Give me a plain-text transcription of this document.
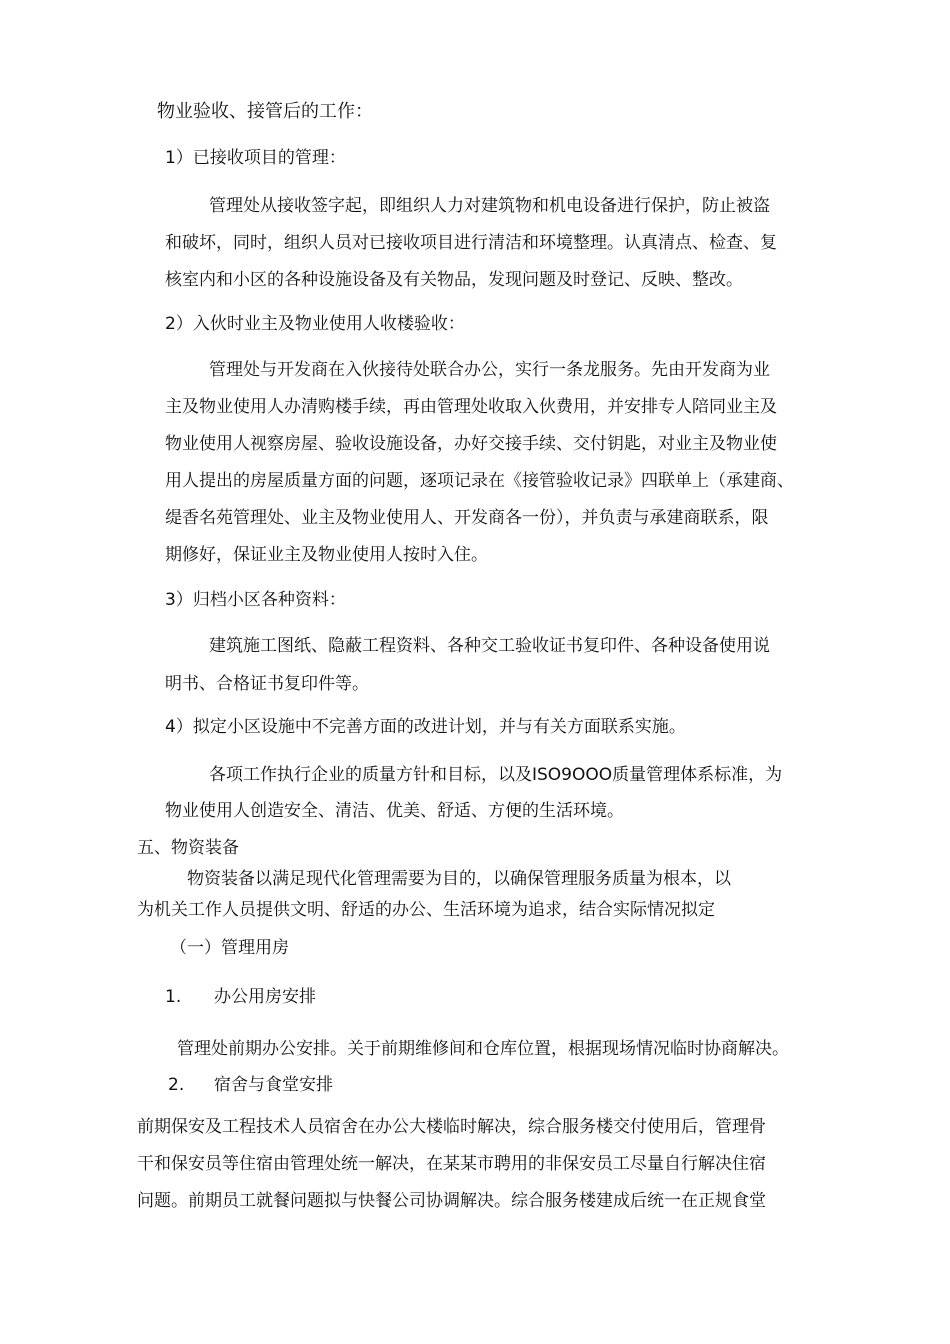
物业验收、接管后的工作：
1）已接收项目的管理：
管理处从接收签字起，即组织人力对建筑物和机电设备进行保护，防止被盗
和破坏，同时，组织人员对已接收项目进行清洁和环境整理。认真清点、检查、复
核室内和小区的各种设施设备及有关物品，发现问题及时登记、反映、整改。
2）入伙时业主及物业使用人收楼验收：
管理处与开发商在入伙接待处联合办公，实行一条龙服务。先由开发商为业
主及物业使用人办清购楼手续，再由管理处收取入伙费用，并安排专人陪同业主及
物业使用人视察房屋、验收设施设备，办好交接手续、交付钥匙，对业主及物业使
用人提出的房屋质量方面的问题，逐项记录在《接管验收记录》四联单上（承建商、
缇香名苑管理处、业主及物业使用人、开发商各一份），并负责与承建商联系，限
期修好，保证业主及物业使用人按时入住。
3）归档小区各种资料：
建筑施工图纸、隐蔽工程资料、各种交工验收证书复印件、各种设备使用说
明书、合格证书复印件等。
4）拟定小区设施中不完善方面的改进计划，并与有关方面联系实施。
各项工作执行企业的质量方针和目标，以及ISO9OOO质量管理体系标准，为
物业使用人创造安全、清洁、优美、舒适、方便的生活环境。
五、物资装备
物资装备以满足现代化管理需要为目的，以确保管理服务质量为根本，以
为机关工作人员提供文明、舒适的办公、生活环境为追求，结合实际情况拟定
（一）管理用房
1. 办公用房安排
管理处前期办公安排。关于前期维修间和仓库位置，根据现场情况临时协商解决。
2. 宿舍与食堂安排
前期保安及工程技术人员宿舍在办公大楼临时解决，综合服务楼交付使用后，管理骨
干和保安员等住宿由管理处统一解决，在某某市聘用的非保安员工尽量自行解决住宿
问题。前期员工就餐问题拟与快餐公司协调解决。综合服务楼建成后统一在正规食堂
